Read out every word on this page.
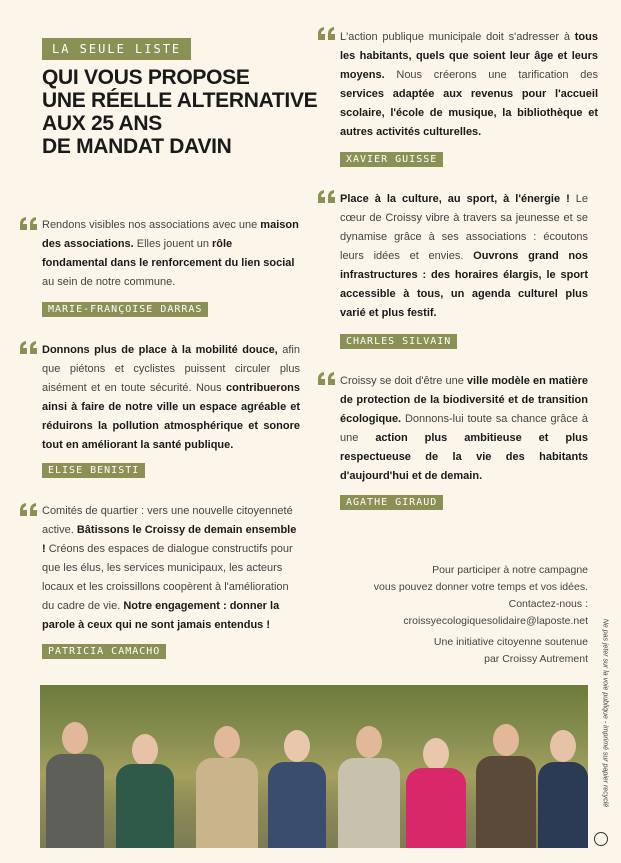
LA SEULE LISTE
QUI VOUS PROPOSE
UNE RÉELLE ALTERNATIVE
AUX 25 ANS
DE MANDAT DAVIN
L'action publique municipale doit s'adresser à tous les habitants, quels que soient leur âge et leurs moyens. Nous créerons une tarification des services adaptée aux revenus pour l'accueil scolaire, l'école de musique, la bibliothèque et autres activités culturelles.
XAVIER GUISSE
Place à la culture, au sport, à l'énergie ! Le cœur de Croissy vibre à travers sa jeunesse et se dynamise grâce à ses associations : écoutons leurs idées et envies. Ouvrons grand nos infrastructures : des horaires élargis, le sport accessible à tous, un agenda culturel plus varié et plus festif.
CHARLES SILVAIN
Croissy se doit d'être une ville modèle en matière de protection de la biodiversité et de transition écologique. Donnons-lui toute sa chance grâce à une action plus ambitieuse et plus respectueuse de la vie des habitants d'aujourd'hui et de demain.
AGATHE GIRAUD
Rendons visibles nos associations avec une maison des associations. Elles jouent un rôle fondamental dans le renforcement du lien social au sein de notre commune.
MARIE-FRANÇOISE DARRAS
Donnons plus de place à la mobilité douce, afin que piétons et cyclistes puissent circuler plus aisément et en toute sécurité. Nous contribuerons ainsi à faire de notre ville un espace agréable et réduirons la pollution atmosphérique et sonore tout en améliorant la santé publique.
ELISE BENISTI
Comités de quartier : vers une nouvelle citoyenneté active. Bâtissons le Croissy de demain ensemble ! Créons des espaces de dialogue constructifs pour que les élus, les services municipaux, les acteurs locaux et les croissillons coopèrent à l'amélioration du cadre de vie. Notre engagement : donner la parole à ceux qui ne sont jamais entendus !
PATRICIA CAMACHO
Pour participer à notre campagne
vous pouvez donner votre temps et vos idées.
Contactez-nous :
croissyecologiquesolidaire@laposte.net
Une initiative citoyenne soutenue
par Croissy Autrement Ne pas jeter sur la voie publique - imprimé sur papier recyclé
